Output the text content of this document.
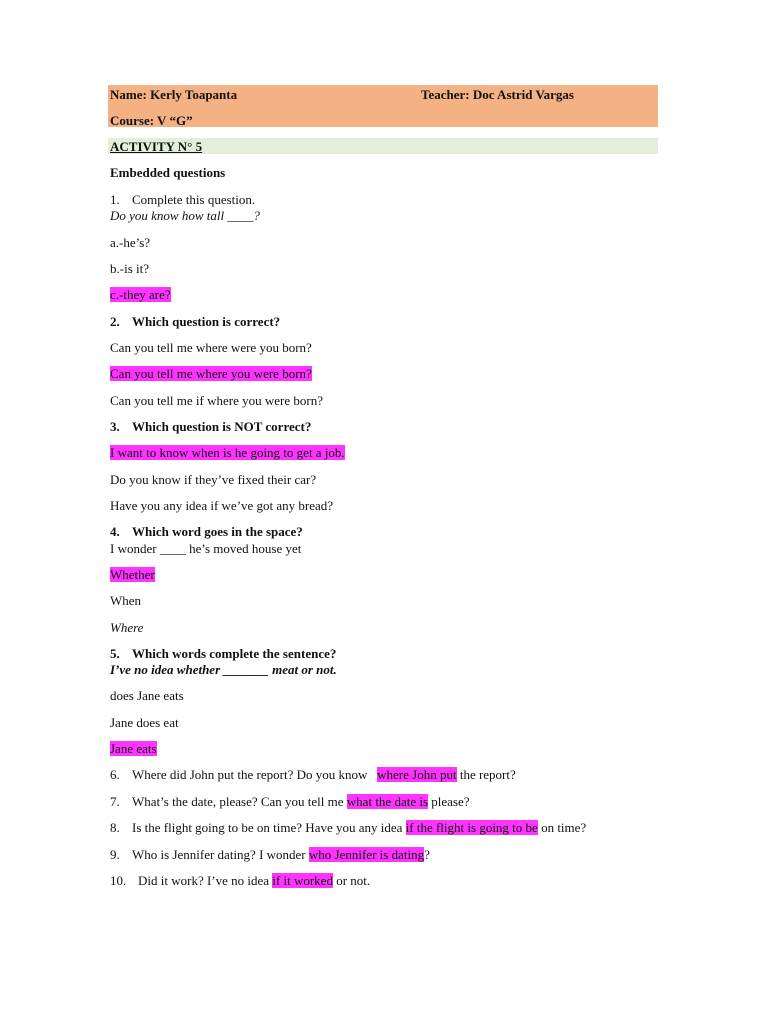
Name: Kerly Toapanta	Teacher: Doc Astrid Vargas
Course: V “G”
ACTIVITY N° 5
Embedded questions
1. Complete this question.
Do you know how tall ____?
a.-he’s?
b.-is it?
c.-they are?
2. Which question is correct?
Can you tell me where were you born?
Can you tell me where you were born?
Can you tell me if where you were born?
3. Which question is NOT correct?
I want to know when is he going to get a job.
Do you know if they’ve fixed their car?
Have you any idea if we’ve got any bread?
4. Which word goes in the space?
I wonder ____ he’s moved house yet
Whether
When
Where
5. Which words complete the sentence?
I’ve no idea whether _______ meat or not.
does Jane eats
Jane does eat
Jane eats
6. Where did John put the report? Do you know where John put the report?
7. What’s the date, please? Can you tell me what the date is please?
8. Is the flight going to be on time? Have you any idea if the flight is going to be on time?
9. Who is Jennifer dating? I wonder who Jennifer is dating?
10. Did it work? I’ve no idea if it worked or not.
